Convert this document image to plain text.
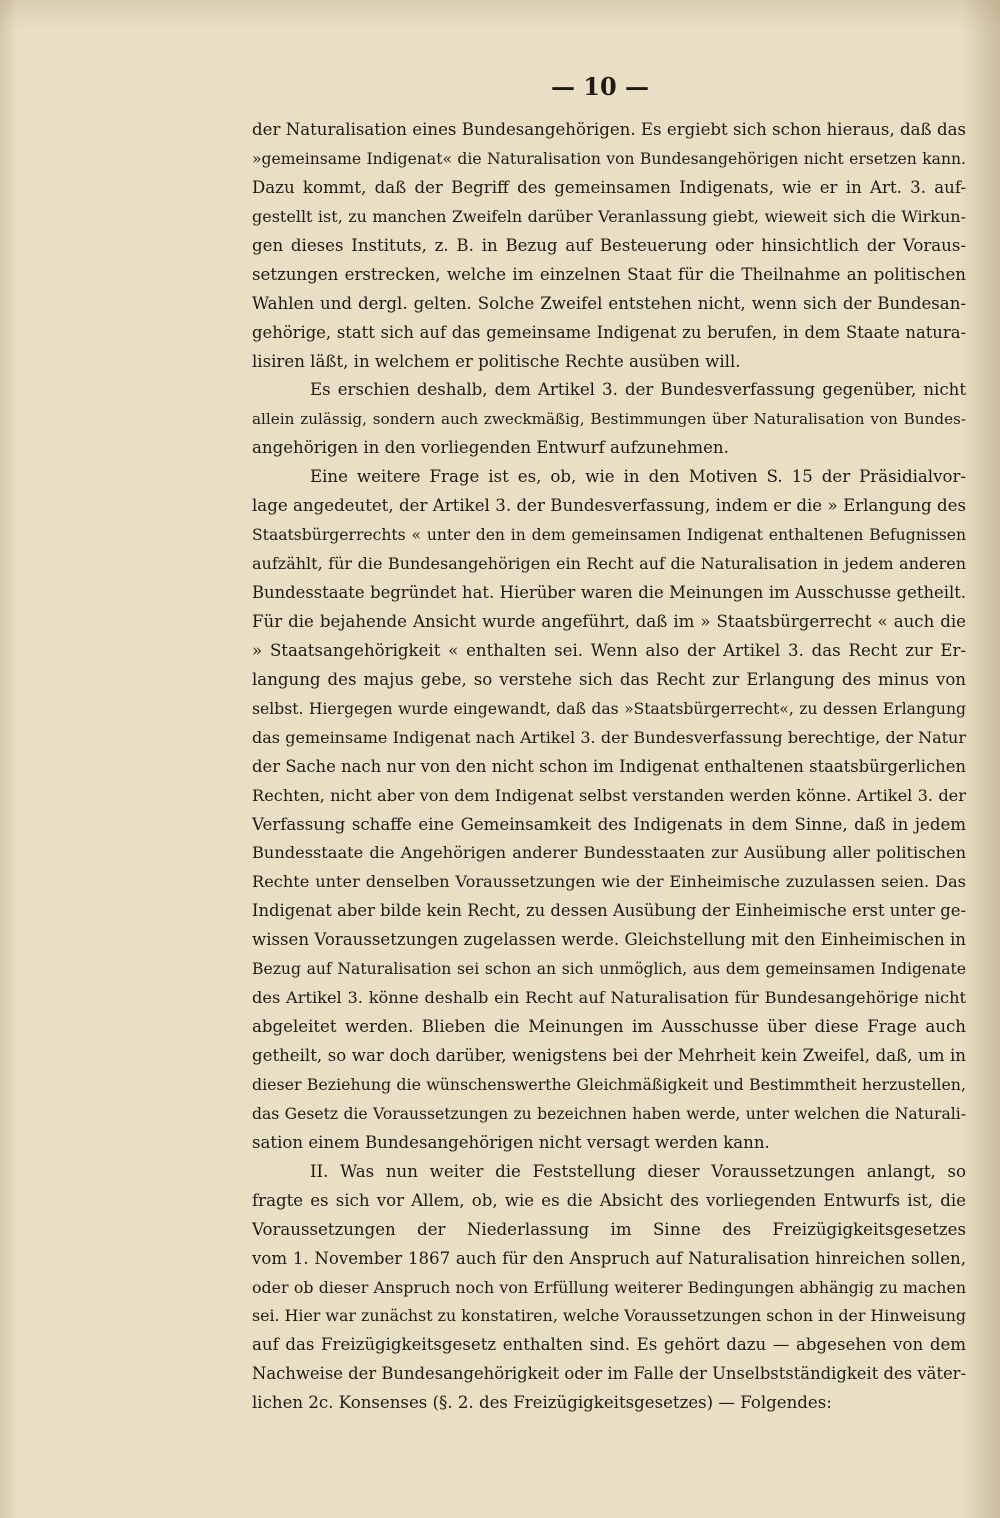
— 10 —
der Naturalisation eines Bundesangehörigen. Es ergiebt sich schon hieraus, daß das
»gemeinsame Indigenat« die Naturalisation von Bundesangehörigen nicht ersetzen kann.
Dazu kommt, daß der Begriff des gemeinsamen Indigenats, wie er in Art. 3. auf-
gestellt ist, zu manchen Zweifeln darüber Veranlassung giebt, wieweit sich die Wirkun-
gen dieses Instituts, z. B. in Bezug auf Besteuerung oder hinsichtlich der Voraus-
setzungen erstrecken, welche im einzelnen Staat für die Theilnahme an politischen
Wahlen und dergl. gelten. Solche Zweifel entstehen nicht, wenn sich der Bundesan-
gehörige, statt sich auf das gemeinsame Indigenat zu berufen, in dem Staate natura-
lisiren läßt, in welchem er politische Rechte ausüben will.
Es erschien deshalb, dem Artikel 3. der Bundesverfassung gegenüber, nicht
allein zulässig, sondern auch zweckmäßig, Bestimmungen über Naturalisation von Bundes-
angehörigen in den vorliegenden Entwurf aufzunehmen.
Eine weitere Frage ist es, ob, wie in den Motiven S. 15 der Präsidialvor-
lage angedeutet, der Artikel 3. der Bundesverfassung, indem er die » Erlangung des
Staatsbürgerrechts « unter den in dem gemeinsamen Indigenat enthaltenen Befugnissen
aufzählt, für die Bundesangehörigen ein Recht auf die Naturalisation in jedem anderen
Bundesstaate begründet hat. Hierüber waren die Meinungen im Ausschusse getheilt.
Für die bejahende Ansicht wurde angeführt, daß im » Staatsbürgerrecht « auch die
» Staatsangehörigkeit « enthalten sei. Wenn also der Artikel 3. das Recht zur Er-
langung des majus gebe, so verstehe sich das Recht zur Erlangung des minus von
selbst. Hiergegen wurde eingewandt, daß das »Staatsbürgerrecht«, zu dessen Erlangung
das gemeinsame Indigenat nach Artikel 3. der Bundesverfassung berechtige, der Natur
der Sache nach nur von den nicht schon im Indigenat enthaltenen staatsbürgerlichen
Rechten, nicht aber von dem Indigenat selbst verstanden werden könne. Artikel 3. der
Verfassung schaffe eine Gemeinsamkeit des Indigenats in dem Sinne, daß in jedem
Bundesstaate die Angehörigen anderer Bundesstaaten zur Ausübung aller politischen
Rechte unter denselben Voraussetzungen wie der Einheimische zuzulassen seien. Das
Indigenat aber bilde kein Recht, zu dessen Ausübung der Einheimische erst unter ge-
wissen Voraussetzungen zugelassen werde. Gleichstellung mit den Einheimischen in
Bezug auf Naturalisation sei schon an sich unmöglich, aus dem gemeinsamen Indigenate
des Artikel 3. könne deshalb ein Recht auf Naturalisation für Bundesangehörige nicht
abgeleitet werden. Blieben die Meinungen im Ausschusse über diese Frage auch
getheilt, so war doch darüber, wenigstens bei der Mehrheit kein Zweifel, daß, um in
dieser Beziehung die wünschenswerthe Gleichmäßigkeit und Bestimmtheit herzustellen,
das Gesetz die Voraussetzungen zu bezeichnen haben werde, unter welchen die Naturali-
sation einem Bundesangehörigen nicht versagt werden kann.
II. Was nun weiter die Feststellung dieser Voraussetzungen anlangt, so
fragte es sich vor Allem, ob, wie es die Absicht des vorliegenden Entwurfs ist, die
Voraussetzungen der Niederlassung im Sinne des Freizügigkeitsgesetzes
vom 1. November 1867 auch für den Anspruch auf Naturalisation hinreichen sollen,
oder ob dieser Anspruch noch von Erfüllung weiterer Bedingungen abhängig zu machen
sei. Hier war zunächst zu konstatiren, welche Voraussetzungen schon in der Hinweisung
auf das Freizügigkeitsgesetz enthalten sind. Es gehört dazu — abgesehen von dem
Nachweise der Bundesangehörigkeit oder im Falle der Unselbstständigkeit des väter-
lichen 2c. Konsenses (§. 2. des Freizügigkeitsgesetzes) — Folgendes:
